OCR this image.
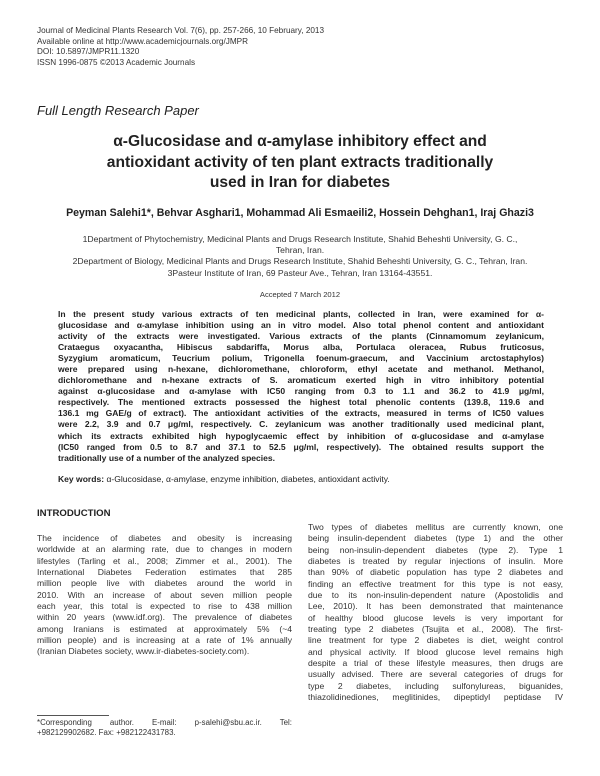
Journal of Medicinal Plants Research Vol. 7(6), pp. 257-266, 10 February, 2013
Available online at http://www.academicjournals.org/JMPR
DOI: 10.5897/JMPR11.1320
ISSN 1996-0875 ©2013 Academic Journals
Full Length Research Paper
α-Glucosidase and α-amylase inhibitory effect and
antioxidant activity of ten plant extracts traditionally
used in Iran for diabetes
Peyman Salehi1*, Behvar Asghari1, Mohammad Ali Esmaeili2, Hossein Dehghan1, Iraj Ghazi3
1Department of Phytochemistry, Medicinal Plants and Drugs Research Institute, Shahid Beheshti University, G. C.,
Tehran, Iran.
2Department of Biology, Medicinal Plants and Drugs Research Institute, Shahid Beheshti University, G. C., Tehran, Iran.
3Pasteur Institute of Iran, 69 Pasteur Ave., Tehran, Iran 13164-43551.
Accepted 7 March 2012
In the present study various extracts of ten medicinal plants, collected in Iran, were examined for α-
glucosidase and α-amylase inhibition using an in vitro model. Also total phenol content and antioxidant
activity of the extracts were investigated. Various extracts of the plants (Cinnamomum zeylanicum,
Crataegus oxyacantha, Hibiscus sabdariffa, Morus alba, Portulaca oleracea, Rubus fruticosus,
Syzygium aromaticum, Teucrium polium, Trigonella foenum-graecum, and Vaccinium arctostaphylos)
were prepared using n-hexane, dichloromethane, chloroform, ethyl acetate and methanol. Methanol,
dichloromethane and n-hexane extracts of S. aromaticum exerted high in vitro inhibitory potential
against α-glucosidase and α-amylase with IC50 ranging from 0.3 to 1.1 and 36.2 to 41.9 μg/ml,
respectively. The mentioned extracts possessed the highest total phenolic contents (139.8, 119.6 and
136.1 mg GAE/g of extract). The antioxidant activities of the extracts, measured in terms of IC50 values
were 2.2, 3.9 and 0.7 μg/ml, respectively. C. zeylanicum was another traditionally used medicinal plant,
which its extracts exhibited high hypoglycaemic effect by inhibition of α-glucosidase and α-amylase
(IC50 ranged from 0.5 to 8.7 and 37.1 to 52.5 μg/ml, respectively). The obtained results support the
traditionally use of a number of the analyzed species.
Key words: α-Glucosidase, α-amylase, enzyme inhibition, diabetes, antioxidant activity.
INTRODUCTION
The incidence of diabetes and obesity is increasing
worldwide at an alarming rate, due to changes in modern
lifestyles (Tarling et al., 2008; Zimmer et al., 2001). The
International Diabetes Federation estimates that 285
million people live with diabetes around the world in
2010. With an increase of about seven million people
each year, this total is expected to rise to 438 million
within 20 years (www.idf.org). The prevalence of diabetes
among Iranians is estimated at approximately 5% (~4
million people) and is increasing at a rate of 1% annually
(Iranian Diabetes society, www.ir-diabetes-society.com).
Two types of diabetes mellitus are currently known, one
being insulin-dependent diabetes (type 1) and the other
being non-insulin-dependent diabetes (type 2). Type 1
diabetes is treated by regular injections of insulin. More
than 90% of diabetic population has type 2 diabetes and
finding an effective treatment for this type is not easy,
due to its non-insulin-dependent nature (Apostolidis and
Lee, 2010). It has been demonstrated that maintenance
of healthy blood glucose levels is very important for
treating type 2 diabetes (Tsujita et al., 2008). The first-
line treatment for type 2 diabetes is diet, weight control
and physical activity. If blood glucose level remains high
despite a trial of these lifestyle measures, then drugs are
usually advised. There are several categories of drugs for
type 2 diabetes, including sulfonylureas, biguanides,
thiazolidinediones, meglitinides, dipeptidyl peptidase IV
*Corresponding author. E-mail: p-salehi@sbu.ac.ir. Tel:
+982129902682. Fax: +982122431783.
